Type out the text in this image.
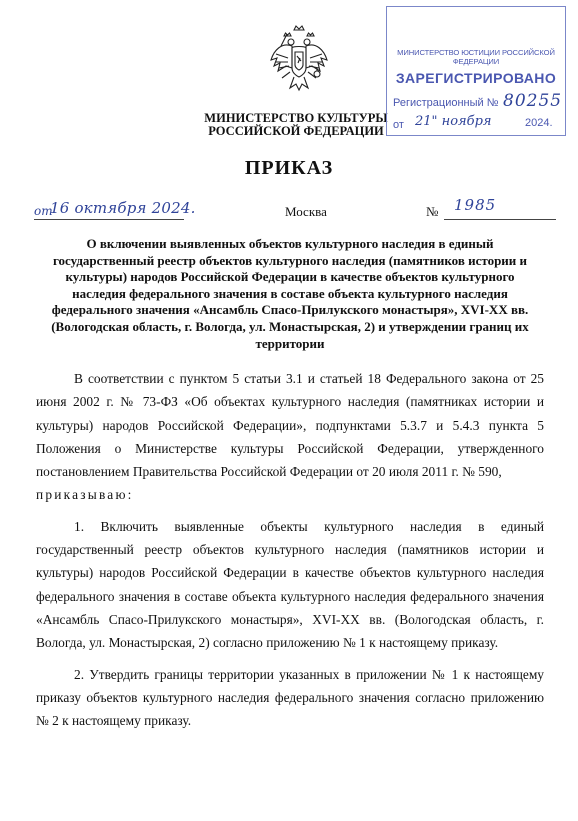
МИНИСТЕРСТВО КУЛЬТУРЫ
РОССИЙСКОЙ ФЕДЕРАЦИИ
МИНИСТЕРСТВО ЮСТИЦИИ РОССИЙСКОЙ ФЕДЕРАЦИИ
ЗАРЕГИСТРИРОВАНО
Регистрационный № 80255
от 21" ноября	2024.
ПРИКАЗ
от
16 октября 2024.	Москва	№ 1985
О включении выявленных объектов культурного наследия в единый государственный реестр объектов культурного наследия (памятников истории и культуры) народов Российской Федерации в качестве объектов культурного наследия федерального значения в составе объекта культурного наследия федерального значения «Ансамбль Спасо-Прилукского монастыря», XVI-XX вв. (Вологодская область, г. Вологда, ул. Монастырская, 2) и утверждении границ их территории

В соответствии с пунктом 5 статьи 3.1 и статьей 18 Федерального закона от 25 июня 2002 г. № 73-ФЗ «Об объектах культурного наследия (памятниках истории и культуры) народов Российской Федерации», подпунктами 5.3.7 и 5.4.3 пункта 5 Положения о Министерстве культуры Российской Федерации, утвержденного постановлением Правительства Российской Федерации от 20 июля 2011 г. № 590,
приказываю:

1. Включить выявленные объекты культурного наследия в единый государственный реестр объектов культурного наследия (памятников истории и культуры) народов Российской Федерации в качестве объектов культурного наследия федерального значения в составе объекта культурного наследия федерального значения «Ансамбль Спасо-Прилукского монастыря», XVI-XX вв. (Вологодская область, г. Вологда, ул. Монастырская, 2) согласно приложению № 1 к настоящему приказу.

2. Утвердить границы территории указанных в приложении № 1 к настоящему приказу объектов культурного наследия федерального значения согласно приложению № 2 к настоящему приказу.
